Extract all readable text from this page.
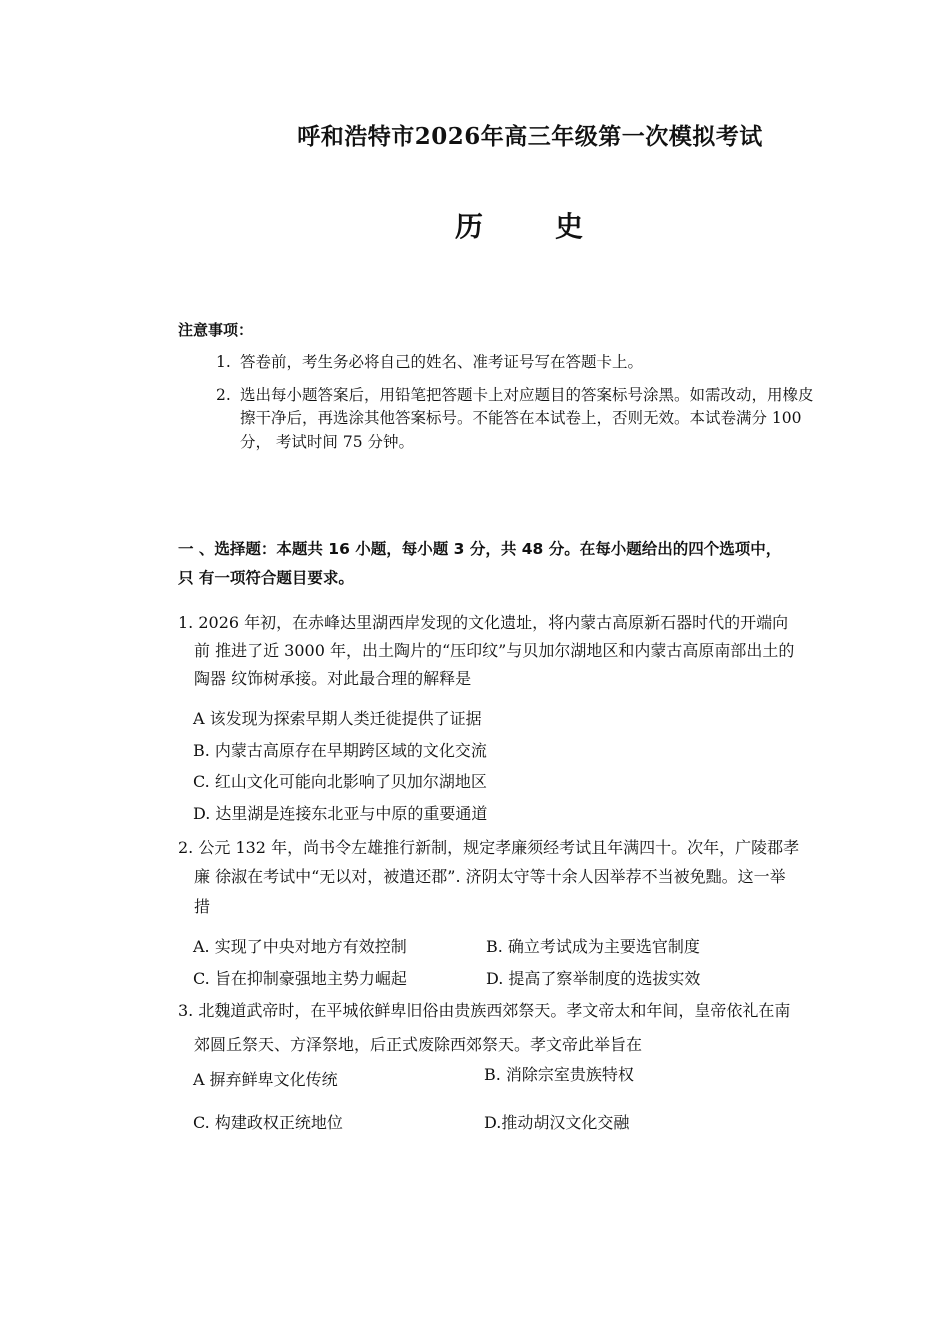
呼和浩特市2026年高三年级第一次模拟考试
历　史
注意事项：
1. 答卷前，考生务必将自己的姓名、准考证号写在答题卡上。
2. 选出每小题答案后，用铅笔把答题卡上对应题目的答案标号涂黑。如需改动，用橡皮
擦干净后，再选涂其他答案标号。不能答在本试卷上，否则无效。本试卷满分 100
分， 考试时间 75 分钟。
一 、选择题：本题共 16 小题，每小题 3 分，共 48 分。在每小题给出的四个选项中，
只 有一项符合题目要求。
1. 2026 年初，在赤峰达里湖西岸发现的文化遗址，将内蒙古高原新石器时代的开端向
前 推进了近 3000 年，出土陶片的“压印纹”与贝加尔湖地区和内蒙古高原南部出土的
陶器 纹饰树承接。对此最合理的解释是
A 该发现为探索早期人类迁徙提供了证据
B. 内蒙古高原存在早期跨区域的文化交流
C. 红山文化可能向北影响了贝加尔湖地区
D. 达里湖是连接东北亚与中原的重要通道
2. 公元 132 年，尚书令左雄推行新制，规定孝廉须经考试且年满四十。次年，广陵郡孝
廉 徐淑在考试中“无以对，被遣还郡”. 济阴太守等十余人因举荐不当被免黜。这一举
措
A. 实现了中央对地方有效控制	B. 确立考试成为主要选官制度
C. 旨在抑制豪强地主势力崛起	D. 提高了察举制度的选拔实效
3. 北魏道武帝时，在平城依鲜卑旧俗由贵族西郊祭天。孝文帝太和年间，皇帝依礼在南
郊圆丘祭天、方泽祭地，后正式废除西郊祭天。孝文帝此举旨在
A 摒弃鲜卑文化传统	B. 消除宗室贵族特权
C. 构建政权正统地位	D.推动胡汉文化交融
